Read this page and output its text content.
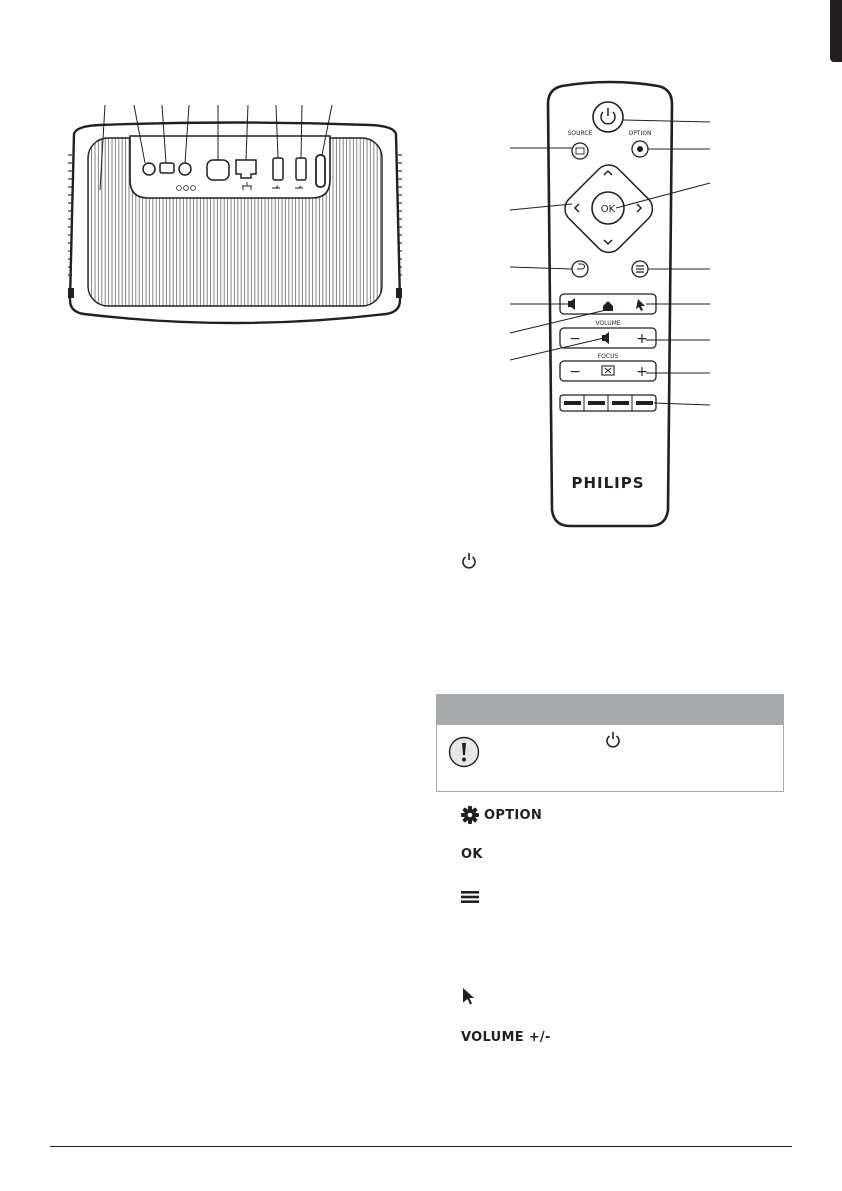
SOURCE	OPTION
OK
VOLUME
−	+
FOCUS
−	+
PHILIPS
OPTION
OK
VOLUME +/-
